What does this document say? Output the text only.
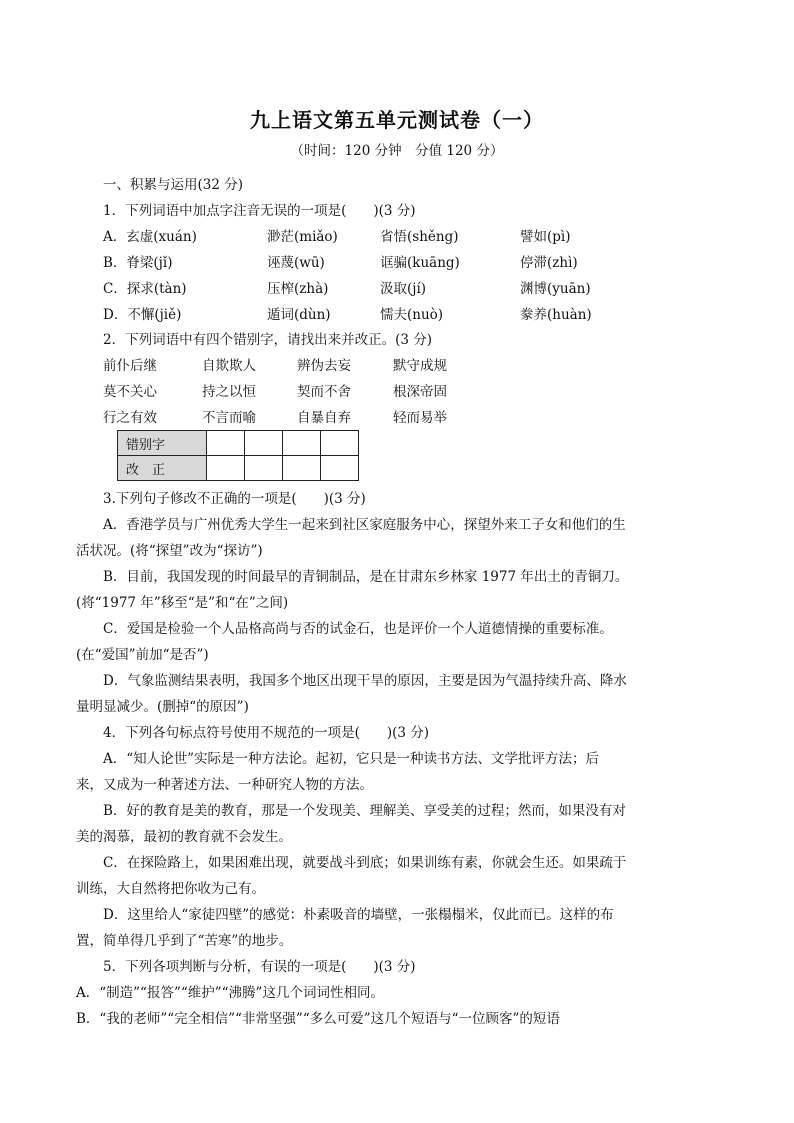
九上语文第五单元测试卷（一）
（时间：120 分钟　分值 120 分）
一、积累与运用(32 分)
1．下列词语中加点字注音无误的一项是(　　)(3 分)
A．玄虚(xuán)	渺茫(miǎo)	省悟(shěng)	譬如(pì)
B．脊梁(jǐ)	诬蔑(wū)	诓骗(kuāng)	停滞(zhì)
C．探求(tàn)	压榨(zhà)	汲取(jí)	渊博(yuān)
D．不懈(jiě)	遁词(dùn)	懦夫(nuò)	豢养(huàn)
2．下列词语中有四个错别字，请找出来并改正。(3 分)
前仆后继	自欺欺人	辨伪去妄	默守成规
莫不关心	持之以恒	契而不舍	根深帝固
行之有效	不言而喻	自暴自弃	轻而易举
错别字				
改　正				
3.下列句子修改不正确的一项是(　　)(3 分)
A．香港学员与广州优秀大学生一起来到社区家庭服务中心，探望外来工子女和他们的生
活状况。(将“探望”改为“探访”)
B．目前，我国发现的时间最早的青铜制品，是在甘肃东乡林家 1977 年出土的青铜刀。
(将“1977 年”移至“是”和“在”之间)
C．爱国是检验一个人品格高尚与否的试金石，也是评价一个人道德情操的重要标准。
(在“爱国”前加“是否”)
D．气象监测结果表明，我国多个地区出现干旱的原因，主要是因为气温持续升高、降水
量明显减少。(删掉“的原因”)
4．下列各句标点符号使用不规范的一项是(　　)(3 分)
A．“知人论世”实际是一种方法论。起初，它只是一种读书方法、文学批评方法；后
来，又成为一种著述方法、一种研究人物的方法。
B．好的教育是美的教育，那是一个发现美、理解美、享受美的过程；然而，如果没有对
美的渴慕，最初的教育就不会发生。
C．在探险路上，如果困难出现，就要战斗到底；如果训练有素，你就会生还。如果疏于
训练，大自然将把你收为己有。
D．这里给人“家徒四壁”的感觉：朴素吸音的墙壁，一张榻榻米，仅此而已。这样的布
置，简单得几乎到了“苦寒”的地步。
5．下列各项判断与分析，有误的一项是(　　)(3 分)
A．“制造”“报答”“维护”“沸腾”这几个词词性相同。
B．“我的老师”“完全相信”“非常坚强”“多么可爱”这几个短语与“一位顾客”的短语
